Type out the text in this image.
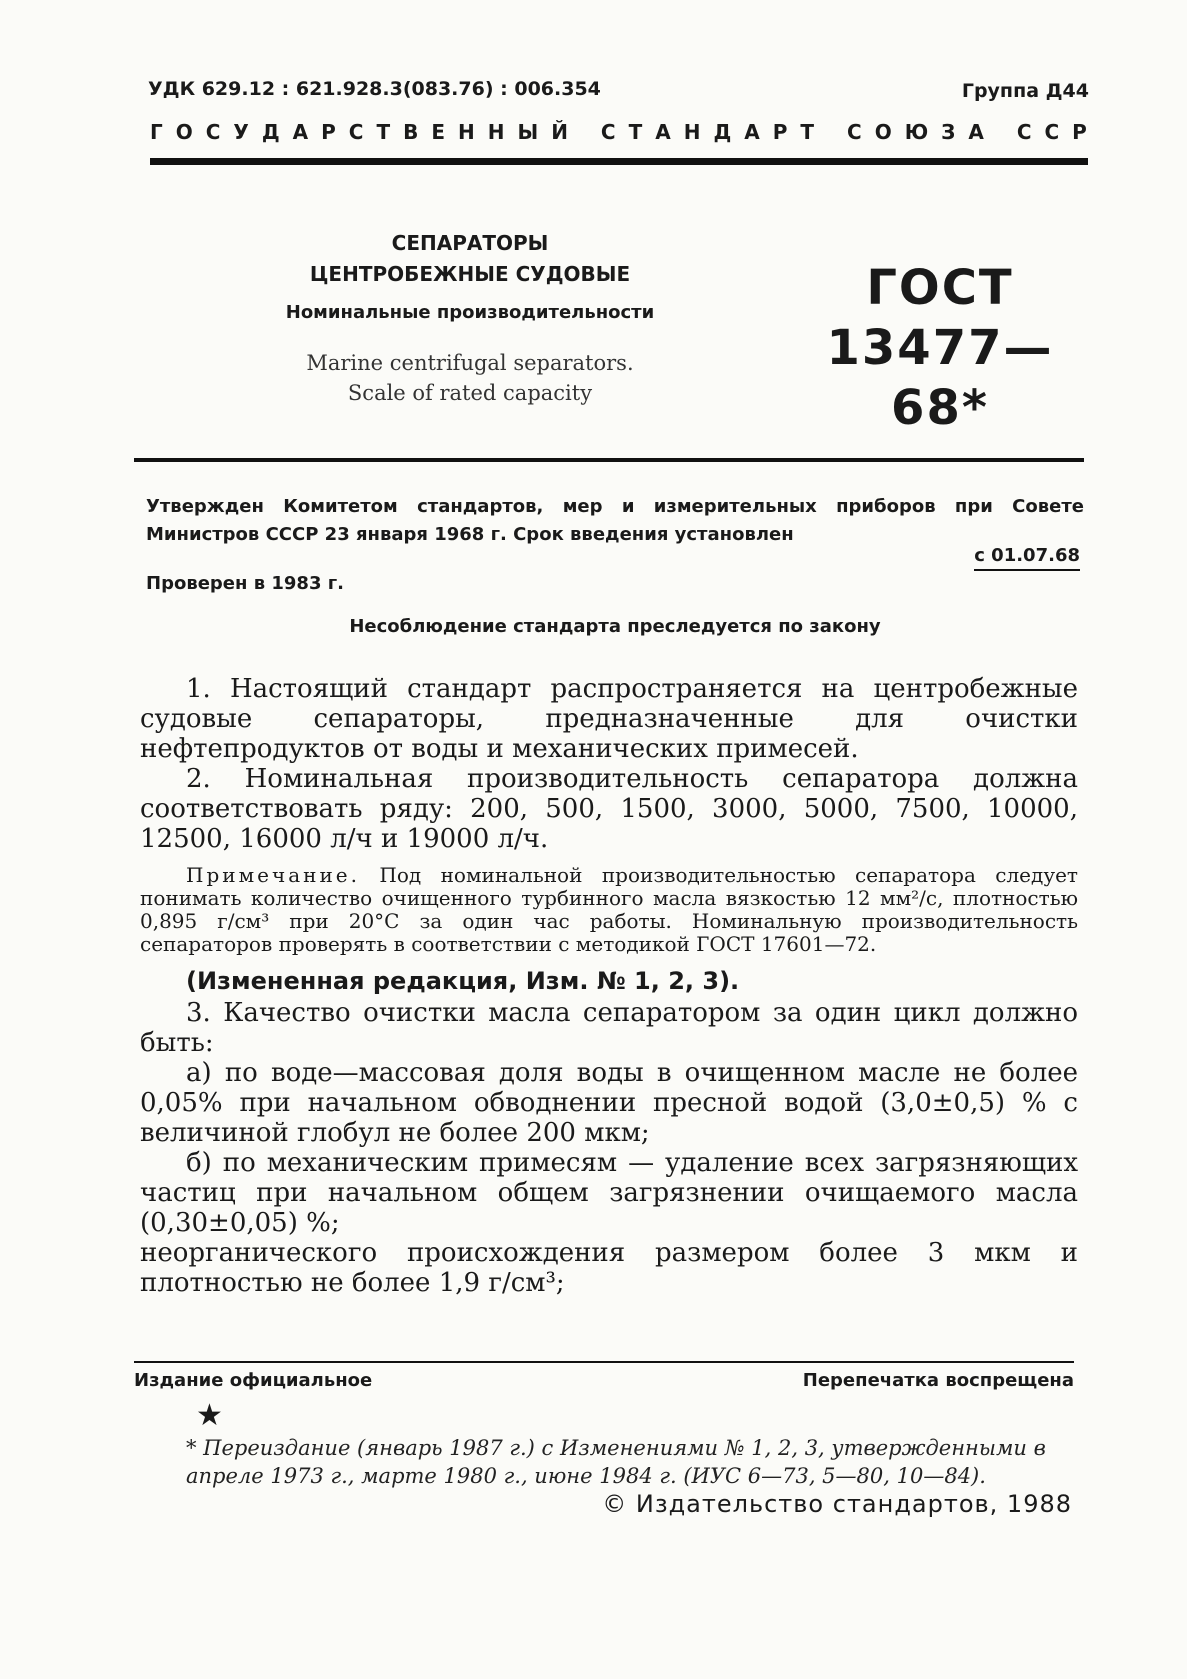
УДК 629.12 : 621.928.3(083.76) : 006.354	Группа Д44
ГОСУДАРСТВЕННЫЙ СТАНДАРТ СОЮЗА ССР
СЕПАРАТОРЫ
ЦЕНТРОБЕЖНЫЕ СУДОВЫЕ
Номинальные производительности
Marine centrifugal separators.
Scale of rated capacity
ГОСТ
13477—68*
Утвержден Комитетом стандартов, мер и измерительных приборов при Совете Министров СССР 23 января 1968 г. Срок введения установлен
с 01.07.68
Проверен в 1983 г.
Несоблюдение стандарта преследуется по закону

1. Настоящий стандарт распространяется на центробежные судовые сепараторы, предназначенные для очистки нефтепродуктов от воды и механических примесей.

2. Номинальная производительность сепаратора должна соответствовать ряду: 200, 500, 1500, 3000, 5000, 7500, 10000, 12500, 16000 л/ч и 19000 л/ч.

Примечание. Под номинальной производительностью сепаратора следует понимать количество очищенного турбинного масла вязкостью 12 мм²/с, плотностью 0,895 г/см³ при 20°С за один час работы. Номинальную производительность сепараторов проверять в соответствии с методикой ГОСТ 17601—72.
(Измененная редакция, Изм. № 1, 2, 3).

3. Качество очистки масла сепаратором за один цикл должно быть:

а) по воде—массовая доля воды в очищенном масле не более 0,05% при начальном обводнении пресной водой (3,0±0,5) % с величиной глобул не более 200 мкм;

б) по механическим примесям — удаление всех загрязняющих частиц при начальном общем загрязнении очищаемого масла (0,30±0,05) %;

неорганического происхождения размером более 3 мкм и плотностью не более 1,9 г/см³;

Издание официальное	Перепечатка воспрещена
★
* Переиздание (январь 1987 г.) с Изменениями № 1, 2, 3, утвержденными в апреле 1973 г., марте 1980 г., июне 1984 г. (ИУС 6—73, 5—80, 10—84).
© Издательство стандартов, 1988
